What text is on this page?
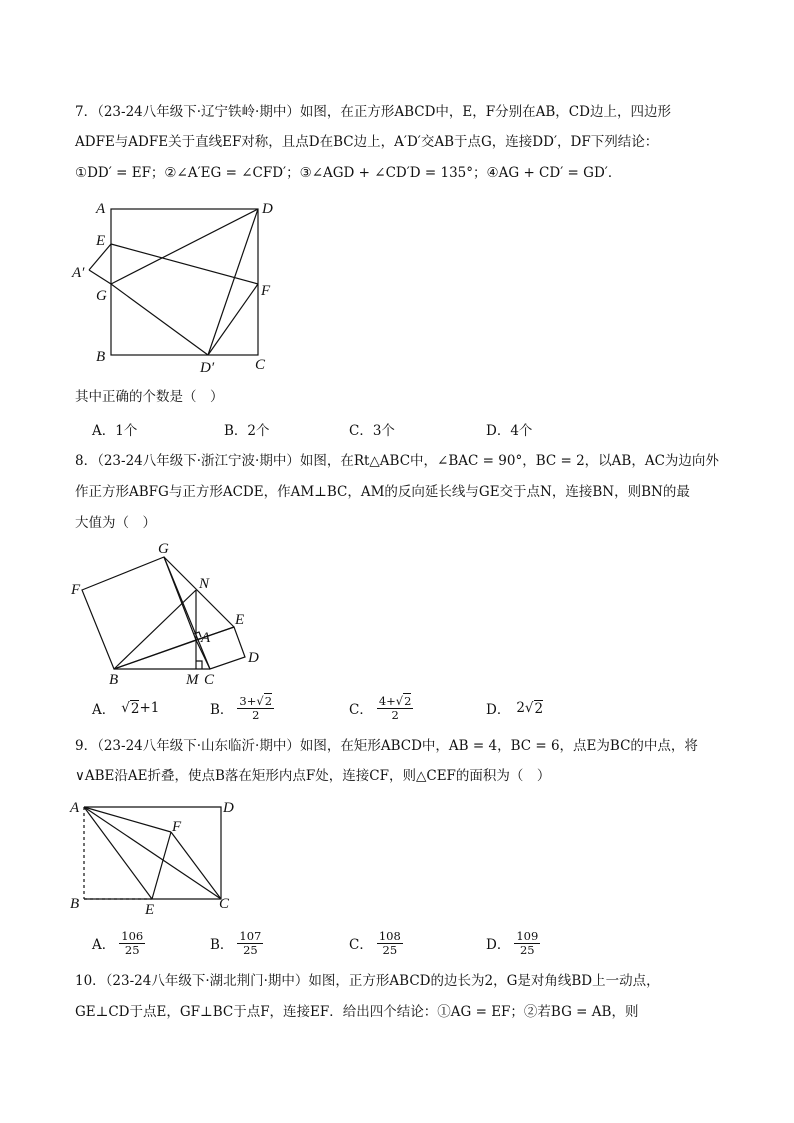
7．（23-24八年级下·辽宁铁岭·期中）如图，在正方形ABCD中，E，F分别在AB，CD边上，四边形
ADFE与ADFE关于直线EF对称，且点D在BC边上，A′D′交AB于点G，连接DD′，DF下列结论：
①DD′ = EF；②∠A′EG = ∠CFD′；③∠AGD + ∠CD′D = 135°；④AG + CD′ = GD′．
A	D
E
A′
G	F
B
D′	C
G
F	N
E
A
D
B	M C
A	D
F
B	E	C
其中正确的个数是（　）
A．1个	B．2个	C．3个	D．4个
8．（23-24八年级下·浙江宁波·期中）如图，在Rt△ABC中，∠BAC = 90°，BC = 2，以AB，AC为边向外
作正方形ABFG与正方形ACDE，作AM⊥BC，AM的反向延长线与GE交于点N，连接BN，则BN的最
大值为（　）
A． √ 2 +1	B． $\frac{3+√2}{2}$	C． $\frac{4+√2}{2}$	D． 2 √ 2
9．（23-24八年级下·山东临沂·期中）如图，在矩形ABCD中，AB = 4，BC = 6，点E为BC的中点，将
∨ABE沿AE折叠，使点B落在矩形内点F处，连接CF，则△CEF的面积为（　）
A． $\frac{106}{25}$	B． $\frac{107}{25}$	C． $\frac{108}{25}$	D． $\frac{109}{25}$
10．（23-24八年级下·湖北荆门·期中）如图，正方形ABCD的边长为2，G是对角线BD上一动点，
GE⊥CD于点E，GF⊥BC于点F，连接EF．给出四个结论：①AG = EF；②若BG = AB，则
